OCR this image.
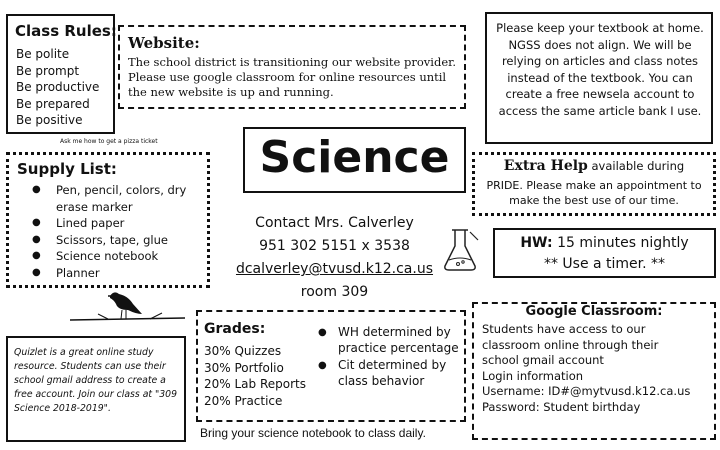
Class Rules:
Be polite
Be prompt
Be productive
Be prepared
Be positive
Website:
The school district is transitioning our website provider. Please use google classroom for online resources until the new website is up and running.
Please keep your textbook at home. NGSS does not align. We will be relying on articles and class notes instead of the textbook. You can create a free newsela account to access the same article bank I use.
Ask me how to get a pizza ticket	Science
Supply List:
● Pen, pencil, colors, dry erase marker
● Lined paper
● Scissors, tape, glue
● Science notebook
● Planner
Contact Mrs. Calverley
951 302 5151 x 3538
dcalverley@tvusd.k12.ca.us
room 309
Extra Help available during
PRIDE. Please make an appointment to make the best use of our time.
HW: 15 minutes nightly
** Use a timer. **
Quizlet is a great online study resource. Students can use their school gmail address to create a free account. Join our class at "309 Science 2018-2019".
Grades:
30% Quizzes
30% Portfolio
20% Lab Reports
20% Practice
● WH determined by practice percentage
● Cit determined by class behavior
Bring your science notebook to class daily.
Google Classroom:
Students have access to our
classroom online through their
school gmail account
Login information
Username: ID#@mytvusd.k12.ca.us
Password: Student birthday
